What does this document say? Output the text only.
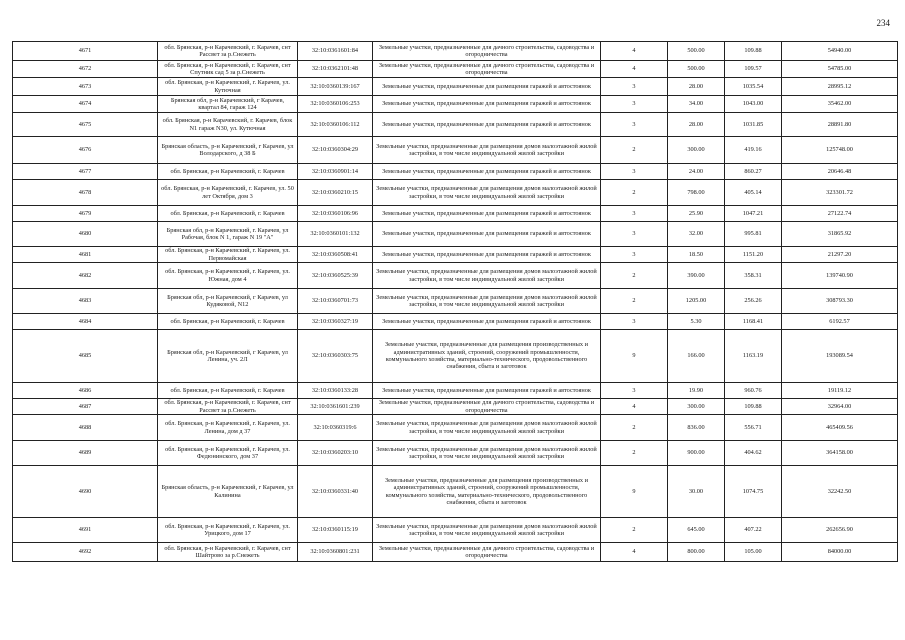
234
4671	обл. Брянская, р-н Карачевский, г. Карачев, снт Рассвет за р.Снежеть	32:10:0361601:84	Земельные участки, предназначенные для дачного строительства, садоводства и огородничества	4	500.00	109.88	54940.00
4672	обл. Брянская, р-н Карачевский, г. Карачев, снт Спутник сад 5 за р.Снежеть	32:10:0362101:48	Земельные участки, предназначенные для дачного строительства, садоводства и огородничества	4	500.00	109.57	54785.00
4673	обл. Брянская, р-н Карачевский, г. Карачев, ул. Кутючная	32:10:0360139:167	Земельные участки, предназначенные для размещения гаражей и автостоянок	3	28.00	1035.54	28995.12
4674	Брянская обл, р-н Карачевский, г Карачев, квартал 84, гараж 124	32:10:0360106:253	Земельные участки, предназначенные для размещения гаражей и автостоянок	3	34.00	1043.00	35462.00
4675	обл. Брянская, р-н Карачевский, г. Карачев, блок N1 гараж N30, ул. Кутючная	32:10:0360106:112	Земельные участки, предназначенные для размещения гаражей и автостоянок	3	28.00	1031.85	28891.80
4676	Брянская область, р-н Карачевский, г Карачев, ул Володарского, д 38 Б	32:10:0360304:29	Земельные участки, предназначенные для размещения домов малоэтажной жилой застройки, в том числе индивидуальной жилой застройки	2	300.00	419.16	125748.00
4677	обл. Брянская, р-н Карачевский, г. Карачев	32:10:0360901:14	Земельные участки, предназначенные для размещения гаражей и автостоянок	3	24.00	860.27	20646.48
4678	обл. Брянская, р-н Карачевский, г. Карачев, ул. 50 лет Октября, дом 3	32:10:0360210:15	Земельные участки, предназначенные для размещения домов малоэтажной жилой застройки, в том числе индивидуальной жилой застройки	2	798.00	405.14	323301.72
4679	обл. Брянская, р-н Карачевский, г. Карачев	32:10:0360106:96	Земельные участки, предназначенные для размещения гаражей и автостоянок	3	25.90	1047.21	27122.74
4680	Брянская обл, р-н Карачевский, г. Карачев, ул Рабочая, блок N 1, гараж N 19 "А"	32:10:0360101:132	Земельные участки, предназначенные для размещения гаражей и автостоянок	3	32.00	995.81	31865.92
4681	обл. Брянская, р-н Карачевский, г. Карачев, ул. Первомайская	32:10:0360508:41	Земельные участки, предназначенные для размещения гаражей и автостоянок	3	18.50	1151.20	21297.20
4682	обл. Брянская, р-н Карачевский, г. Карачев, ул. Южная, дом 4	32:10:0360525:39	Земельные участки, предназначенные для размещения домов малоэтажной жилой застройки, в том числе индивидуальной жилой застройки	2	390.00	358.31	139740.90
4683	Брянская обл, р-н Карачевский, г Карачев, ул Кудяковой, N12	32:10:0360701:73	Земельные участки, предназначенные для размещения домов малоэтажной жилой застройки, в том числе индивидуальной жилой застройки	2	1205.00	256.26	308793.30
4684	обл. Брянская, р-н Карачевский, г. Карачев	32:10:0360327:19	Земельные участки, предназначенные для размещения гаражей и автостоянок	3	5.30	1168.41	6192.57
4685	Брянская обл, р-н Карачевский, г Карачев, ул Ленина, уч. 2Л	32:10:0360303:75	Земельные участки, предназначенные для размещения производственных и административных зданий, строений, сооружений промышленности, коммунального хозяйства, материально-технического, продовольственного снабжения, сбыта и заготовок	9	166.00	1163.19	193089.54
4686	обл. Брянская, р-н Карачевский, г. Карачев	32:10:0360133:28	Земельные участки, предназначенные для размещения гаражей и автостоянок	3	19.90	960.76	19119.12
4687	обл. Брянская, р-н Карачевский, г. Карачев, снт Рассвет за р.Снежеть	32:10:0361601:239	Земельные участки, предназначенные для дачного строительства, садоводства и огородничества	4	300.00	109.88	32964.00
4688	обл. Брянская, р-н Карачевский, г. Карачев, ул. Ленина, дом д 37	32:10:0360319:6	Земельные участки, предназначенные для размещения домов малоэтажной жилой застройки, в том числе индивидуальной жилой застройки	2	836.00	556.71	465409.56
4689	обл. Брянская, р-н Карачевский, г. Карачев, ул. Федюнинского, дом 37	32:10:0360203:10	Земельные участки, предназначенные для размещения домов малоэтажной жилой застройки, в том числе индивидуальной жилой застройки	2	900.00	404.62	364158.00
4690	Брянская область, р-н Карачевский, г Карачев, ул Калинина	32:10:0360331:40	Земельные участки, предназначенные для размещения производственных и административных зданий, строений, сооружений промышленности, коммунального хозяйства, материально-технического, продовольственного снабжения, сбыта и заготовок	9	30.00	1074.75	32242.50
4691	обл. Брянская, р-н Карачевский, г. Карачев, ул. Урицкого, дом 17	32:10:0360115:19	Земельные участки, предназначенные для размещения домов малоэтажной жилой застройки, в том числе индивидуальной жилой застройки	2	645.00	407.22	262656.90
4692	обл. Брянская, р-н Карачевский, г. Карачев, снт Шайтрово за р.Снежеть	32:10:0360801:231	Земельные участки, предназначенные для дачного строительства, садоводства и огородничества	4	800.00	105.00	84000.00
